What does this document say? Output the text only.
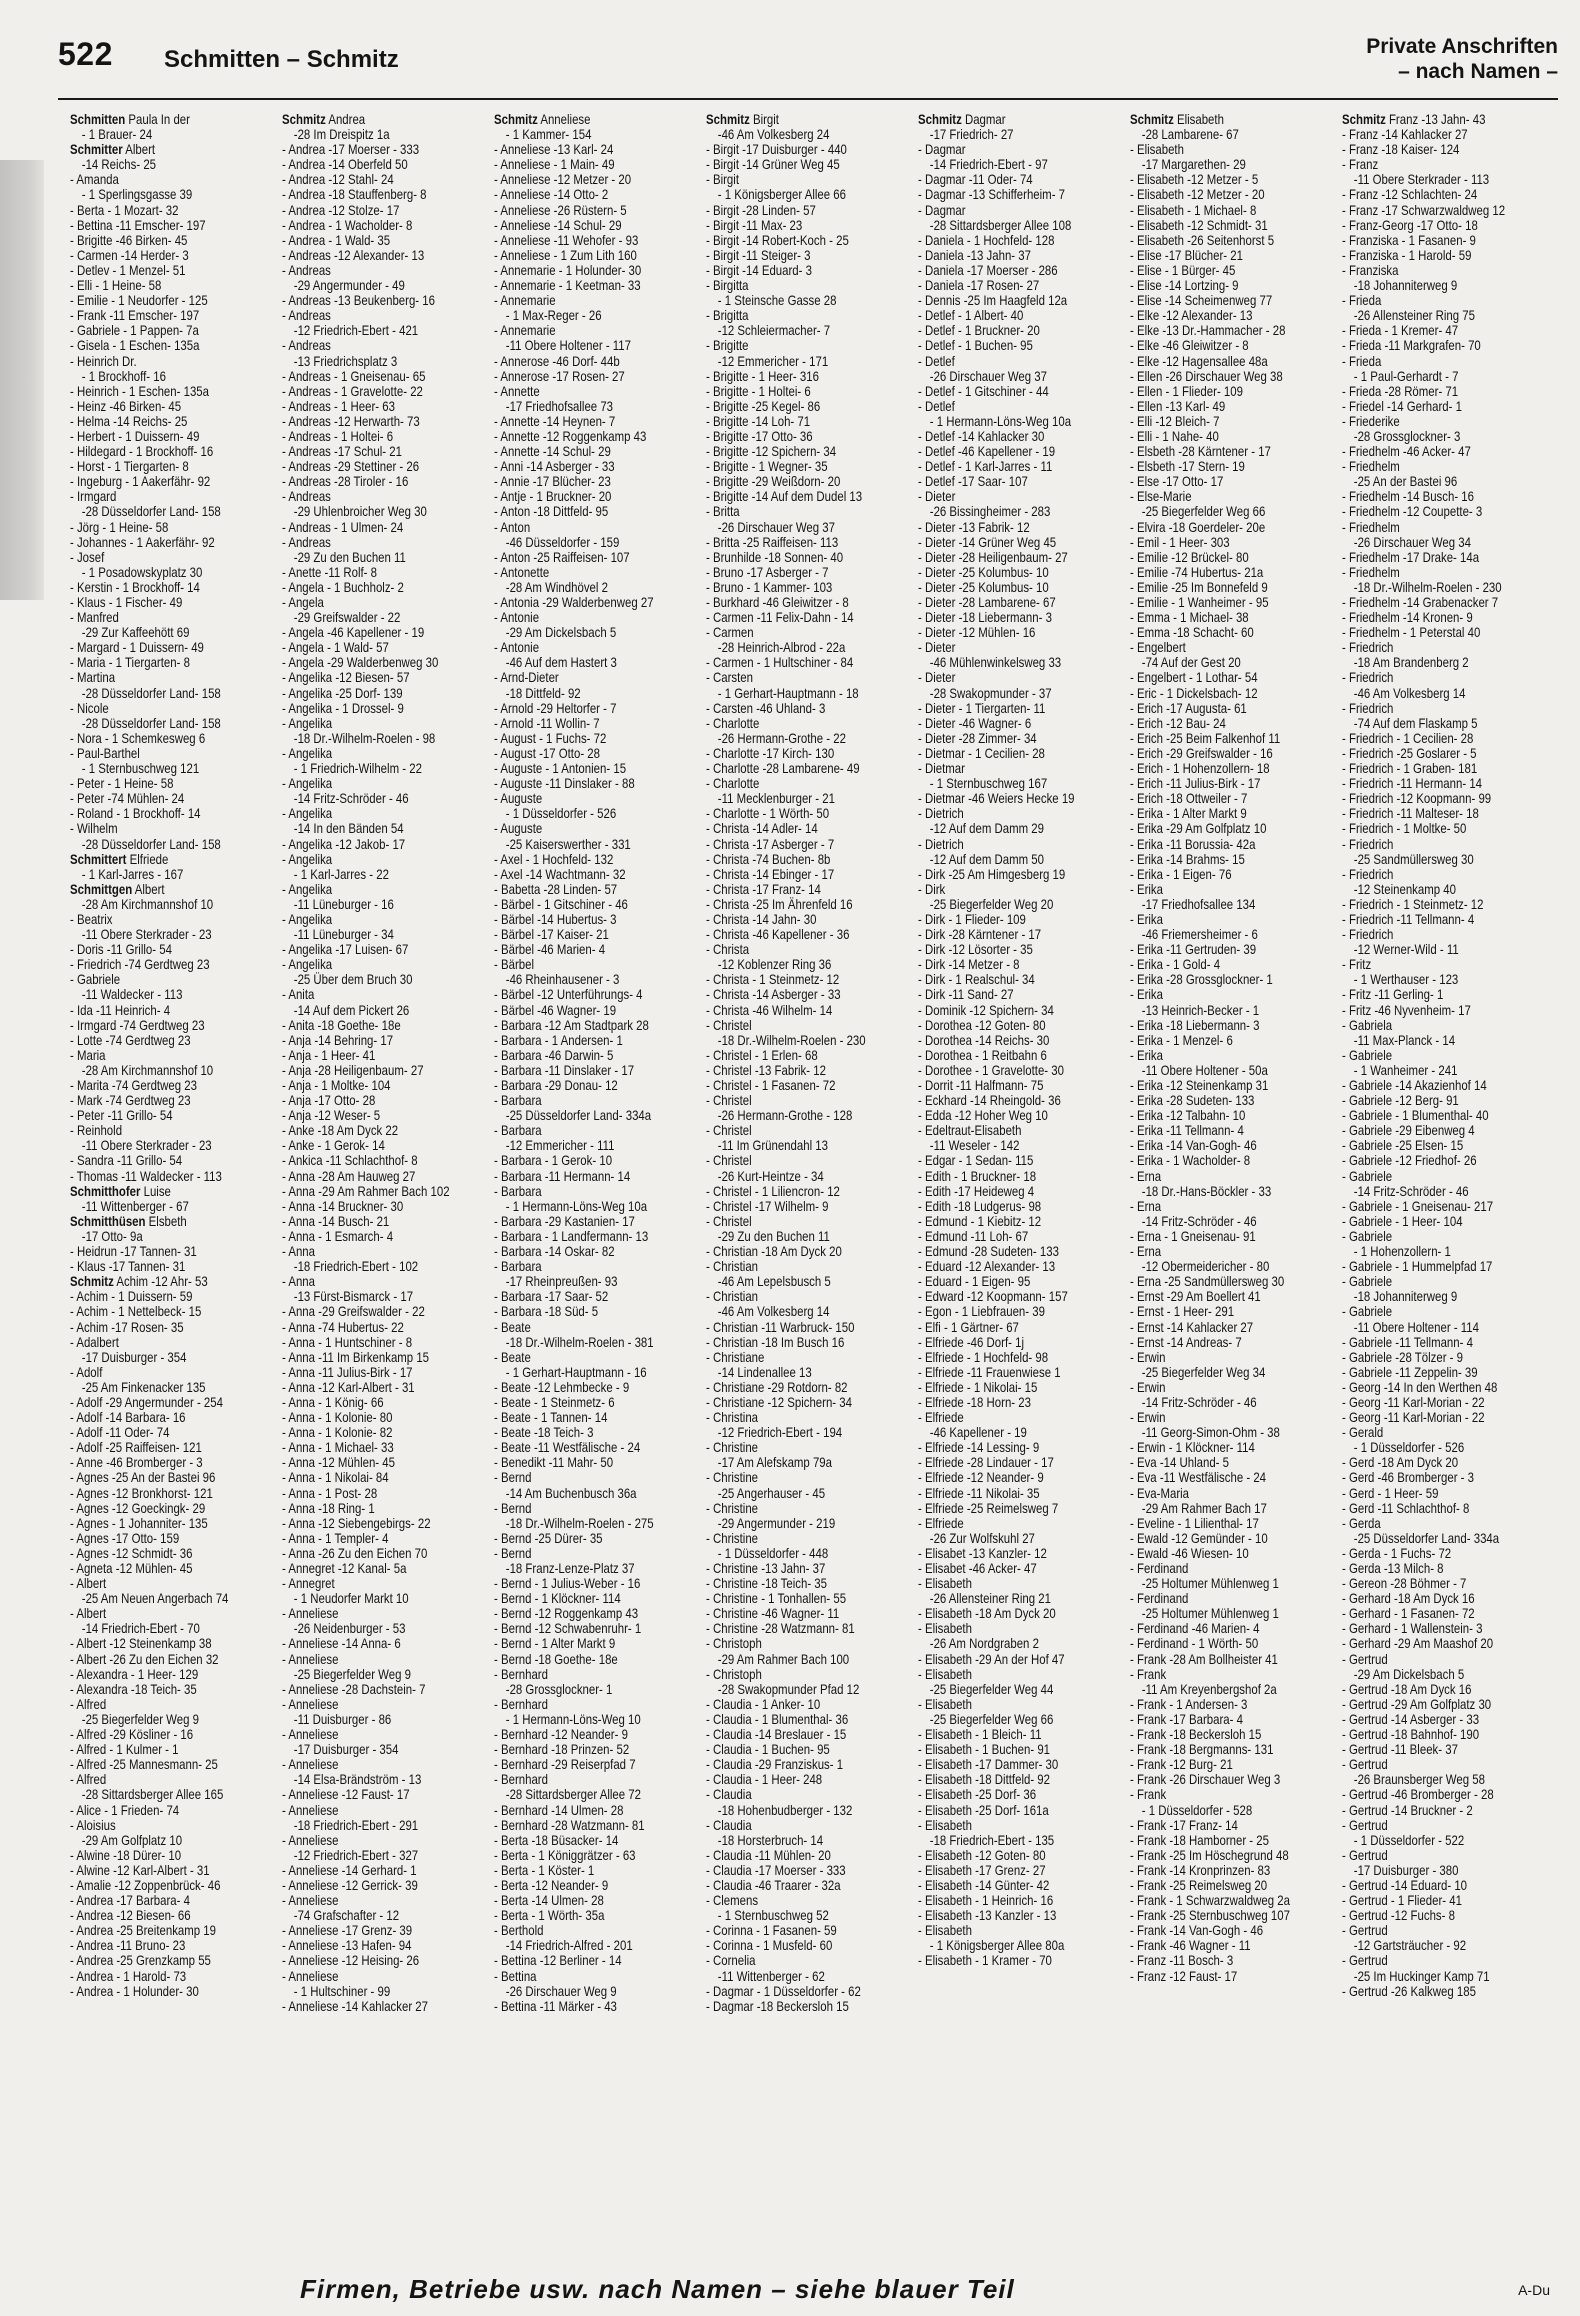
522 Schmitten – Schmitz	Private Anschriften
– nach Namen –
Schmitten Paula In der
- 1 Brauer- 24
Schmitter Albert
-14 Reichs- 25
- Amanda
- 1 Sperlingsgasse 39
- Berta - 1 Mozart- 32
- Bettina -11 Emscher- 197
- Brigitte -46 Birken- 45
- Carmen -14 Herder- 3
- Detlev - 1 Menzel- 51
- Elli - 1 Heine- 58
- Emilie - 1 Neudorfer - 125
- Frank -11 Emscher- 197
- Gabriele - 1 Pappen- 7a
- Gisela - 1 Eschen- 135a
- Heinrich Dr.
- 1 Brockhoff- 16
- Heinrich - 1 Eschen- 135a
- Heinz -46 Birken- 45
- Helma -14 Reichs- 25
- Herbert - 1 Duissern- 49
- Hildegard - 1 Brockhoff- 16
- Horst - 1 Tiergarten- 8
- Ingeburg - 1 Aakerfähr- 92
- Irmgard
-28 Düsseldorfer Land- 158
- Jörg - 1 Heine- 58
- Johannes - 1 Aakerfähr- 92
- Josef
- 1 Posadowskyplatz 30
- Kerstin - 1 Brockhoff- 14
- Klaus - 1 Fischer- 49
- Manfred
-29 Zur Kaffeehött 69
- Margard - 1 Duissern- 49
- Maria - 1 Tiergarten- 8
- Martina
-28 Düsseldorfer Land- 158
- Nicole
-28 Düsseldorfer Land- 158
- Nora - 1 Schemkesweg 6
- Paul-Barthel
- 1 Sternbuschweg 121
- Peter - 1 Heine- 58
- Peter -74 Mühlen- 24
- Roland - 1 Brockhoff- 14
- Wilhelm
-28 Düsseldorfer Land- 158
Schmittert Elfriede
- 1 Karl-Jarres - 167
Schmittgen Albert
-28 Am Kirchmannshof 10
- Beatrix
-11 Obere Sterkrader - 23
- Doris -11 Grillo- 54
- Friedrich -74 Gerdtweg 23
- Gabriele
-11 Waldecker - 113
- Ida -11 Heinrich- 4
- Irmgard -74 Gerdtweg 23
- Lotte -74 Gerdtweg 23
- Maria
-28 Am Kirchmannshof 10
- Marita -74 Gerdtweg 23
- Mark -74 Gerdtweg 23
- Peter -11 Grillo- 54
- Reinhold
-11 Obere Sterkrader - 23
- Sandra -11 Grillo- 54
- Thomas -11 Waldecker - 113
Schmitthofer Luise
-11 Wittenberger - 67
Schmitthüsen Elsbeth
-17 Otto- 9a
- Heidrun -17 Tannen- 31
- Klaus -17 Tannen- 31
Schmitz Achim -12 Ahr- 53
- Achim - 1 Duissern- 59
- Achim - 1 Nettelbeck- 15
- Achim -17 Rosen- 35
- Adalbert
-17 Duisburger - 354
- Adolf
-25 Am Finkenacker 135
- Adolf -29 Angermunder - 254
- Adolf -14 Barbara- 16
- Adolf -11 Oder- 74
- Adolf -25 Raiffeisen- 121
- Anne -46 Bromberger - 3
- Agnes -25 An der Bastei 96
- Agnes -12 Bronkhorst- 121
- Agnes -12 Goeckingk- 29
- Agnes - 1 Johanniter- 135
- Agnes -17 Otto- 159
- Agnes -12 Schmidt- 36
- Agneta -12 Mühlen- 45
- Albert
-25 Am Neuen Angerbach 74
- Albert
-14 Friedrich-Ebert - 70
- Albert -12 Steinenkamp 38
- Albert -26 Zu den Eichen 32
- Alexandra - 1 Heer- 129
- Alexandra -18 Teich- 35
- Alfred
-25 Biegerfelder Weg 9
- Alfred -29 Kösliner - 16
- Alfred - 1 Kulmer - 1
- Alfred -25 Mannesmann- 25
- Alfred
-28 Sittardsberger Allee 165
- Alice - 1 Frieden- 74
- Aloisius
-29 Am Golfplatz 10
- Alwine -18 Dürer- 10
- Alwine -12 Karl-Albert - 31
- Amalie -12 Zoppenbrück- 46
- Andrea -17 Barbara- 4
- Andrea -12 Biesen- 66
- Andrea -25 Breitenkamp 19
- Andrea -11 Bruno- 23
- Andrea -25 Grenzkamp 55
- Andrea - 1 Harold- 73
- Andrea - 1 Holunder- 30
Schmitz Andrea
-28 Im Dreispitz 1a
- Andrea -17 Moerser - 333
- Andrea -14 Oberfeld 50
- Andrea -12 Stahl- 24
- Andrea -18 Stauffenberg- 8
- Andrea -12 Stolze- 17
- Andrea - 1 Wacholder- 8
- Andrea - 1 Wald- 35
- Andreas -12 Alexander- 13
- Andreas
-29 Angermunder - 49
- Andreas -13 Beukenberg- 16
- Andreas
-12 Friedrich-Ebert - 421
- Andreas
-13 Friedrichsplatz 3
- Andreas - 1 Gneisenau- 65
- Andreas - 1 Gravelotte- 22
- Andreas - 1 Heer- 63
- Andreas -12 Herwarth- 73
- Andreas - 1 Holtei- 6
- Andreas -17 Schul- 21
- Andreas -29 Stettiner - 26
- Andreas -28 Tiroler - 16
- Andreas
-29 Uhlenbroicher Weg 30
- Andreas - 1 Ulmen- 24
- Andreas
-29 Zu den Buchen 11
- Anette -11 Rolf- 8
- Angela - 1 Buchholz- 2
- Angela
-29 Greifswalder - 22
- Angela -46 Kapellener - 19
- Angela - 1 Wald- 57
- Angela -29 Walderbenweg 30
- Angelika -12 Biesen- 57
- Angelika -25 Dorf- 139
- Angelika - 1 Drossel- 9
- Angelika
-18 Dr.-Wilhelm-Roelen - 98
- Angelika
- 1 Friedrich-Wilhelm - 22
- Angelika
-14 Fritz-Schröder - 46
- Angelika
-14 In den Bänden 54
- Angelika -12 Jakob- 17
- Angelika
- 1 Karl-Jarres - 22
- Angelika
-11 Lüneburger - 16
- Angelika
-11 Lüneburger - 34
- Angelika -17 Luisen- 67
- Angelika
-25 Über dem Bruch 30
- Anita
-14 Auf dem Pickert 26
- Anita -18 Goethe- 18e
- Anja -14 Behring- 17
- Anja - 1 Heer- 41
- Anja -28 Heiligenbaum- 27
- Anja - 1 Moltke- 104
- Anja -17 Otto- 28
- Anja -12 Weser- 5
- Anke -18 Am Dyck 22
- Anke - 1 Gerok- 14
- Ankica -11 Schlachthof- 8
- Anna -28 Am Hauweg 27
- Anna -29 Am Rahmer Bach 102
- Anna -14 Bruckner- 30
- Anna -14 Busch- 21
- Anna - 1 Esmarch- 4
- Anna
-18 Friedrich-Ebert - 102
- Anna
-13 Fürst-Bismarck - 17
- Anna -29 Greifswalder - 22
- Anna -74 Hubertus- 22
- Anna - 1 Huntschiner - 8
- Anna -11 Im Birkenkamp 15
- Anna -11 Julius-Birk - 17
- Anna -12 Karl-Albert - 31
- Anna - 1 König- 66
- Anna - 1 Kolonie- 80
- Anna - 1 Kolonie- 82
- Anna - 1 Michael- 33
- Anna -12 Mühlen- 45
- Anna - 1 Nikolai- 84
- Anna - 1 Post- 28
- Anna -18 Ring- 1
- Anna -12 Siebengebirgs- 22
- Anna - 1 Templer- 4
- Anna -26 Zu den Eichen 70
- Annegret -12 Kanal- 5a
- Annegret
- 1 Neudorfer Markt 10
- Anneliese
-26 Neidenburger - 53
- Anneliese -14 Anna- 6
- Anneliese
-25 Biegerfelder Weg 9
- Anneliese -28 Dachstein- 7
- Anneliese
-11 Duisburger - 86
- Anneliese
-17 Duisburger - 354
- Anneliese
-14 Elsa-Brändström - 13
- Anneliese -12 Faust- 17
- Anneliese
-18 Friedrich-Ebert - 291
- Anneliese
-12 Friedrich-Ebert - 327
- Anneliese -14 Gerhard- 1
- Anneliese -12 Gerrick- 39
- Anneliese
-74 Grafschafter - 12
- Anneliese -17 Grenz- 39
- Anneliese -13 Hafen- 94
- Anneliese -12 Heising- 26
- Anneliese
- 1 Hultschiner - 99
- Anneliese -14 Kahlacker 27
Schmitz Anneliese
- 1 Kammer- 154
- Anneliese -13 Karl- 24
- Anneliese - 1 Main- 49
- Anneliese -12 Metzer - 20
- Anneliese -14 Otto- 2
- Anneliese -26 Rüstern- 5
- Anneliese -14 Schul- 29
- Anneliese -11 Wehofer - 93
- Anneliese - 1 Zum Lith 160
- Annemarie - 1 Holunder- 30
- Annemarie - 1 Keetman- 33
- Annemarie
- 1 Max-Reger - 26
- Annemarie
-11 Obere Holtener - 117
- Annerose -46 Dorf- 44b
- Annerose -17 Rosen- 27
- Annette
-17 Friedhofsallee 73
- Annette -14 Heynen- 7
- Annette -12 Roggenkamp 43
- Annette -14 Schul- 29
- Anni -14 Asberger - 33
- Annie -17 Blücher- 23
- Antje - 1 Bruckner- 20
- Anton -18 Dittfeld- 95
- Anton
-46 Düsseldorfer - 159
- Anton -25 Raiffeisen- 107
- Antonette
-28 Am Windhövel 2
- Antonia -29 Walderbenweg 27
- Antonie
-29 Am Dickelsbach 5
- Antonie
-46 Auf dem Hastert 3
- Arnd-Dieter
-18 Dittfeld- 92
- Arnold -29 Heltorfer - 7
- Arnold -11 Wollin- 7
- August - 1 Fuchs- 72
- August -17 Otto- 28
- Auguste - 1 Antonien- 15
- Auguste -11 Dinslaker - 88
- Auguste
- 1 Düsseldorfer - 526
- Auguste
-25 Kaiserswerther - 331
- Axel - 1 Hochfeld- 132
- Axel -14 Wachtmann- 32
- Babetta -28 Linden- 57
- Bärbel - 1 Gitschiner - 46
- Bärbel -14 Hubertus- 3
- Bärbel -17 Kaiser- 21
- Bärbel -46 Marien- 4
- Bärbel
-46 Rheinhausener - 3
- Bärbel -12 Unterführungs- 4
- Bärbel -46 Wagner- 19
- Barbara -12 Am Stadtpark 28
- Barbara - 1 Andersen- 1
- Barbara -46 Darwin- 5
- Barbara -11 Dinslaker - 17
- Barbara -29 Donau- 12
- Barbara
-25 Düsseldorfer Land- 334a
- Barbara
-12 Emmericher - 111
- Barbara - 1 Gerok- 10
- Barbara -11 Hermann- 14
- Barbara
- 1 Hermann-Löns-Weg 10a
- Barbara -29 Kastanien- 17
- Barbara - 1 Landfermann- 13
- Barbara -14 Oskar- 82
- Barbara
-17 Rheinpreußen- 93
- Barbara -17 Saar- 52
- Barbara -18 Süd- 5
- Beate
-18 Dr.-Wilhelm-Roelen - 381
- Beate
- 1 Gerhart-Hauptmann - 16
- Beate -12 Lehmbecke - 9
- Beate - 1 Steinmetz- 6
- Beate - 1 Tannen- 14
- Beate -18 Teich- 3
- Beate -11 Westfälische - 24
- Benedikt -11 Mahr- 50
- Bernd
-14 Am Buchenbusch 36a
- Bernd
-18 Dr.-Wilhelm-Roelen - 275
- Bernd -25 Dürer- 35
- Bernd
-18 Franz-Lenze-Platz 37
- Bernd - 1 Julius-Weber - 16
- Bernd - 1 Klöckner- 114
- Bernd -12 Roggenkamp 43
- Bernd -12 Schwabenruhr- 1
- Bernd - 1 Alter Markt 9
- Bernd -18 Goethe- 18e
- Bernhard
-28 Grossglockner- 1
- Bernhard
- 1 Hermann-Löns-Weg 10
- Bernhard -12 Neander- 9
- Bernhard -18 Prinzen- 52
- Bernhard -29 Reiserpfad 7
- Bernhard
-28 Sittardsberger Allee 72
- Bernhard -14 Ulmen- 28
- Bernhard -28 Watzmann- 81
- Berta -18 Büsacker- 14
- Berta - 1 Königgrätzer - 63
- Berta - 1 Köster- 1
- Berta -12 Neander- 9
- Berta -14 Ulmen- 28
- Berta - 1 Wörth- 35a
- Berthold
-14 Friedrich-Alfred - 201
- Bettina -12 Berliner - 14
- Bettina
-26 Dirschauer Weg 9
- Bettina -11 Märker - 43
Schmitz Birgit
-46 Am Volkesberg 24
- Birgit -17 Duisburger - 440
- Birgit -14 Grüner Weg 45
- Birgit
- 1 Königsberger Allee 66
- Birgit -28 Linden- 57
- Birgit -11 Max- 23
- Birgit -14 Robert-Koch - 25
- Birgit -11 Steiger- 3
- Birgit -14 Eduard- 3
- Birgitta
- 1 Steinsche Gasse 28
- Brigitta
-12 Schleiermacher- 7
- Brigitte
-12 Emmericher - 171
- Brigitte - 1 Heer- 316
- Brigitte - 1 Holtei- 6
- Brigitte -25 Kegel- 86
- Brigitte -14 Loh- 71
- Brigitte -17 Otto- 36
- Brigitte -12 Spichern- 34
- Brigitte - 1 Wegner- 35
- Brigitte -29 Weißdorn- 20
- Brigitte -14 Auf dem Dudel 13
- Britta
-26 Dirschauer Weg 37
- Britta -25 Raiffeisen- 113
- Brunhilde -18 Sonnen- 40
- Bruno -17 Asberger - 7
- Bruno - 1 Kammer- 103
- Burkhard -46 Gleiwitzer - 8
- Carmen -11 Felix-Dahn - 14
- Carmen
-28 Heinrich-Albrod - 22a
- Carmen - 1 Hultschiner - 84
- Carsten
- 1 Gerhart-Hauptmann - 18
- Carsten -46 Uhland- 3
- Charlotte
-26 Hermann-Grothe - 22
- Charlotte -17 Kirch- 130
- Charlotte -28 Lambarene- 49
- Charlotte
-11 Mecklenburger - 21
- Charlotte - 1 Wörth- 50
- Christa -14 Adler- 14
- Christa -17 Asberger - 7
- Christa -74 Buchen- 8b
- Christa -14 Ebinger - 17
- Christa -17 Franz- 14
- Christa -25 Im Ährenfeld 16
- Christa -14 Jahn- 30
- Christa -46 Kapellener - 36
- Christa
-12 Koblenzer Ring 36
- Christa - 1 Steinmetz- 12
- Christa -14 Asberger - 33
- Christa -46 Wilhelm- 14
- Christel
-18 Dr.-Wilhelm-Roelen - 230
- Christel - 1 Erlen- 68
- Christel -13 Fabrik- 12
- Christel - 1 Fasanen- 72
- Christel
-26 Hermann-Grothe - 128
- Christel
-11 Im Grünendahl 13
- Christel
-26 Kurt-Heintze - 34
- Christel - 1 Liliencron- 12
- Christel -17 Wilhelm- 9
- Christel
-29 Zu den Buchen 11
- Christian -18 Am Dyck 20
- Christian
-46 Am Lepelsbusch 5
- Christian
-46 Am Volkesberg 14
- Christian -11 Warbruck- 150
- Christian -18 Im Busch 16
- Christiane
-14 Lindenallee 13
- Christiane -29 Rotdorn- 82
- Christiane -12 Spichern- 34
- Christina
-12 Friedrich-Ebert - 194
- Christine
-17 Am Alefskamp 79a
- Christine
-25 Angerhauser - 45
- Christine
-29 Angermunder - 219
- Christine
- 1 Düsseldorfer - 448
- Christine -13 Jahn- 37
- Christine -18 Teich- 35
- Christine - 1 Tonhallen- 55
- Christine -46 Wagner- 11
- Christine -28 Watzmann- 81
- Christoph
-29 Am Rahmer Bach 100
- Christoph
-28 Swakopmunder Pfad 12
- Claudia - 1 Anker- 10
- Claudia - 1 Blumenthal- 36
- Claudia -14 Breslauer - 15
- Claudia - 1 Buchen- 95
- Claudia -29 Franziskus- 1
- Claudia - 1 Heer- 248
- Claudia
-18 Hohenbudberger - 132
- Claudia
-18 Horsterbruch- 14
- Claudia -11 Mühlen- 20
- Claudia -17 Moerser - 333
- Claudia -46 Traarer - 32a
- Clemens
- 1 Sternbuschweg 52
- Corinna - 1 Fasanen- 59
- Corinna - 1 Musfeld- 60
- Cornelia
-11 Wittenberger - 62
- Dagmar - 1 Düsseldorfer - 62
- Dagmar -18 Beckersloh 15
Schmitz Dagmar
-17 Friedrich- 27
- Dagmar
-14 Friedrich-Ebert - 97
- Dagmar -11 Oder- 74
- Dagmar -13 Schifferheim- 7
- Dagmar
-28 Sittardsberger Allee 108
- Daniela - 1 Hochfeld- 128
- Daniela -13 Jahn- 37
- Daniela -17 Moerser - 286
- Daniela -17 Rosen- 27
- Dennis -25 Im Haagfeld 12a
- Detlef - 1 Albert- 40
- Detlef - 1 Bruckner- 20
- Detlef - 1 Buchen- 95
- Detlef
-26 Dirschauer Weg 37
- Detlef - 1 Gitschiner - 44
- Detlef
- 1 Hermann-Löns-Weg 10a
- Detlef -14 Kahlacker 30
- Detlef -46 Kapellener - 19
- Detlef - 1 Karl-Jarres - 11
- Detlef -17 Saar- 107
- Dieter
-26 Bissingheimer - 283
- Dieter -13 Fabrik- 12
- Dieter -14 Grüner Weg 45
- Dieter -28 Heiligenbaum- 27
- Dieter -25 Kolumbus- 10
- Dieter -25 Kolumbus- 10
- Dieter -28 Lambarene- 67
- Dieter -18 Liebermann- 3
- Dieter -12 Mühlen- 16
- Dieter
-46 Mühlenwinkelsweg 33
- Dieter
-28 Swakopmunder - 37
- Dieter - 1 Tiergarten- 11
- Dieter -46 Wagner- 6
- Dieter -28 Zimmer- 34
- Dietmar - 1 Cecilien- 28
- Dietmar
- 1 Sternbuschweg 167
- Dietmar -46 Weiers Hecke 19
- Dietrich
-12 Auf dem Damm 29
- Dietrich
-12 Auf dem Damm 50
- Dirk -25 Am Himgesberg 19
- Dirk
-25 Biegerfelder Weg 20
- Dirk - 1 Flieder- 109
- Dirk -28 Kärntener - 17
- Dirk -12 Lösorter - 35
- Dirk -14 Metzer - 8
- Dirk - 1 Realschul- 34
- Dirk -11 Sand- 27
- Dominik -12 Spichern- 34
- Dorothea -12 Goten- 80
- Dorothea -14 Reichs- 30
- Dorothea - 1 Reitbahn 6
- Dorothee - 1 Gravelotte- 30
- Dorrit -11 Halfmann- 75
- Eckhard -14 Rheingold- 36
- Edda -12 Hoher Weg 10
- Edeltraut-Elisabeth
-11 Weseler - 142
- Edgar - 1 Sedan- 115
- Edith - 1 Bruckner- 18
- Edith -17 Heideweg 4
- Edith -18 Ludgerus- 98
- Edmund - 1 Kiebitz- 12
- Edmund -11 Loh- 67
- Edmund -28 Sudeten- 133
- Eduard -12 Alexander- 13
- Eduard - 1 Eigen- 95
- Edward -12 Koopmann- 157
- Egon - 1 Liebfrauen- 39
- Elfi - 1 Gärtner- 67
- Elfriede -46 Dorf- 1j
- Elfriede - 1 Hochfeld- 98
- Elfriede -11 Frauenwiese 1
- Elfriede - 1 Nikolai- 15
- Elfriede -18 Horn- 23
- Elfriede
-46 Kapellener - 19
- Elfriede -14 Lessing- 9
- Elfriede -28 Lindauer - 17
- Elfriede -12 Neander- 9
- Elfriede -11 Nikolai- 35
- Elfriede -25 Reimelsweg 7
- Elfriede
-26 Zur Wolfskuhl 27
- Elisabet -13 Kanzler- 12
- Elisabet -46 Acker- 47
- Elisabeth
-26 Allensteiner Ring 21
- Elisabeth -18 Am Dyck 20
- Elisabeth
-26 Am Nordgraben 2
- Elisabeth -29 An der Hof 47
- Elisabeth
-25 Biegerfelder Weg 44
- Elisabeth
-25 Biegerfelder Weg 66
- Elisabeth - 1 Bleich- 11
- Elisabeth - 1 Buchen- 91
- Elisabeth -17 Dammer- 30
- Elisabeth -18 Dittfeld- 92
- Elisabeth -25 Dorf- 36
- Elisabeth -25 Dorf- 161a
- Elisabeth
-18 Friedrich-Ebert - 135
- Elisabeth -12 Goten- 80
- Elisabeth -17 Grenz- 27
- Elisabeth -14 Günter- 42
- Elisabeth - 1 Heinrich- 16
- Elisabeth -13 Kanzler - 13
- Elisabeth
- 1 Königsberger Allee 80a
- Elisabeth - 1 Kramer - 70
Schmitz Elisabeth
-28 Lambarene- 67
- Elisabeth
-17 Margarethen- 29
- Elisabeth -12 Metzer - 5
- Elisabeth -12 Metzer - 20
- Elisabeth - 1 Michael- 8
- Elisabeth -12 Schmidt- 31
- Elisabeth -26 Seitenhorst 5
- Elise -17 Blücher- 21
- Elise - 1 Bürger- 45
- Elise -14 Lortzing- 9
- Elise -14 Scheimenweg 77
- Elke -12 Alexander- 13
- Elke -13 Dr.-Hammacher - 28
- Elke -46 Gleiwitzer - 8
- Elke -12 Hagensallee 48a
- Ellen -26 Dirschauer Weg 38
- Ellen - 1 Flieder- 109
- Ellen -13 Karl- 49
- Elli -12 Bleich- 7
- Elli - 1 Nahe- 40
- Elsbeth -28 Kärntener - 17
- Elsbeth -17 Stern- 19
- Else -17 Otto- 17
- Else-Marie
-25 Biegerfelder Weg 66
- Elvira -18 Goerdeler- 20e
- Emil - 1 Heer- 303
- Emilie -12 Brückel- 80
- Emilie -74 Hubertus- 21a
- Emilie -25 Im Bonnefeld 9
- Emilie - 1 Wanheimer - 95
- Emma - 1 Michael- 38
- Emma -18 Schacht- 60
- Engelbert
-74 Auf der Gest 20
- Engelbert - 1 Lothar- 54
- Eric - 1 Dickelsbach- 12
- Erich -17 Augusta- 61
- Erich -12 Bau- 24
- Erich -25 Beim Falkenhof 11
- Erich -29 Greifswalder - 16
- Erich - 1 Hohenzollern- 18
- Erich -11 Julius-Birk - 17
- Erich -18 Ottweiler - 7
- Erika - 1 Alter Markt 9
- Erika -29 Am Golfplatz 10
- Erika -11 Borussia- 42a
- Erika -14 Brahms- 15
- Erika - 1 Eigen- 76
- Erika
-17 Friedhofsallee 134
- Erika
-46 Friemersheimer - 6
- Erika -11 Gertruden- 39
- Erika - 1 Gold- 4
- Erika -28 Grossglockner- 1
- Erika
-13 Heinrich-Becker - 1
- Erika -18 Liebermann- 3
- Erika - 1 Menzel- 6
- Erika
-11 Obere Holtener - 50a
- Erika -12 Steinenkamp 31
- Erika -28 Sudeten- 133
- Erika -12 Talbahn- 10
- Erika -11 Tellmann- 4
- Erika -14 Van-Gogh- 46
- Erika - 1 Wacholder- 8
- Erna
-18 Dr.-Hans-Böckler - 33
- Erna
-14 Fritz-Schröder - 46
- Erna - 1 Gneisenau- 91
- Erna
-12 Obermeidericher - 80
- Erna -25 Sandmüllersweg 30
- Ernst -29 Am Boellert 41
- Ernst - 1 Heer- 291
- Ernst -14 Kahlacker 27
- Ernst -14 Andreas- 7
- Erwin
-25 Biegerfelder Weg 34
- Erwin
-14 Fritz-Schröder - 46
- Erwin
-11 Georg-Simon-Ohm - 38
- Erwin - 1 Klöckner- 114
- Eva -14 Uhland- 5
- Eva -11 Westfälische - 24
- Eva-Maria
-29 Am Rahmer Bach 17
- Eveline - 1 Lilienthal- 17
- Ewald -12 Gemünder - 10
- Ewald -46 Wiesen- 10
- Ferdinand
-25 Holtumer Mühlenweg 1
- Ferdinand
-25 Holtumer Mühlenweg 1
- Ferdinand -46 Marien- 4
- Ferdinand - 1 Wörth- 50
- Frank -28 Am Bollheister 41
- Frank
-11 Am Kreyenbergshof 2a
- Frank - 1 Andersen- 3
- Frank -17 Barbara- 4
- Frank -18 Beckersloh 15
- Frank -18 Bergmanns- 131
- Frank -12 Burg- 21
- Frank -26 Dirschauer Weg 3
- Frank
- 1 Düsseldorfer - 528
- Frank -17 Franz- 14
- Frank -18 Hamborner - 25
- Frank -25 Im Höschegrund 48
- Frank -14 Kronprinzen- 83
- Frank -25 Reimelsweg 20
- Frank - 1 Schwarzwaldweg 2a
- Frank -25 Sternbuschweg 107
- Frank -14 Van-Gogh - 46
- Frank -46 Wagner - 11
- Franz -11 Bosch- 3
- Franz -12 Faust- 17
Schmitz Franz -13 Jahn- 43
- Franz -14 Kahlacker 27
- Franz -18 Kaiser- 124
- Franz
-11 Obere Sterkrader - 113
- Franz -12 Schlachten- 24
- Franz -17 Schwarzwaldweg 12
- Franz-Georg -17 Otto- 18
- Franziska - 1 Fasanen- 9
- Franziska - 1 Harold- 59
- Franziska
-18 Johanniterweg 9
- Frieda
-26 Allensteiner Ring 75
- Frieda - 1 Kremer- 47
- Frieda -11 Markgrafen- 70
- Frieda
- 1 Paul-Gerhardt - 7
- Frieda -28 Römer- 71
- Friedel -14 Gerhard- 1
- Friederike
-28 Grossglockner- 3
- Friedhelm -46 Acker- 47
- Friedhelm
-25 An der Bastei 96
- Friedhelm -14 Busch- 16
- Friedhelm -12 Coupette- 3
- Friedhelm
-26 Dirschauer Weg 34
- Friedhelm -17 Drake- 14a
- Friedhelm
-18 Dr.-Wilhelm-Roelen - 230
- Friedhelm -14 Grabenacker 7
- Friedhelm -14 Kronen- 9
- Friedhelm - 1 Peterstal 40
- Friedrich
-18 Am Brandenberg 2
- Friedrich
-46 Am Volkesberg 14
- Friedrich
-74 Auf dem Flaskamp 5
- Friedrich - 1 Cecilien- 28
- Friedrich -25 Goslarer - 5
- Friedrich - 1 Graben- 181
- Friedrich -11 Hermann- 14
- Friedrich -12 Koopmann- 99
- Friedrich -11 Malteser- 18
- Friedrich - 1 Moltke- 50
- Friedrich
-25 Sandmüllersweg 30
- Friedrich
-12 Steinenkamp 40
- Friedrich - 1 Steinmetz- 12
- Friedrich -11 Tellmann- 4
- Friedrich
-12 Werner-Wild - 11
- Fritz
- 1 Werthauser - 123
- Fritz -11 Gerling- 1
- Fritz -46 Nyvenheim- 17
- Gabriela
-11 Max-Planck - 14
- Gabriele
- 1 Wanheimer - 241
- Gabriele -14 Akazienhof 14
- Gabriele -12 Berg- 91
- Gabriele - 1 Blumenthal- 40
- Gabriele -29 Eibenweg 4
- Gabriele -25 Elsen- 15
- Gabriele -12 Friedhof- 26
- Gabriele
-14 Fritz-Schröder - 46
- Gabriele - 1 Gneisenau- 217
- Gabriele - 1 Heer- 104
- Gabriele
- 1 Hohenzollern- 1
- Gabriele - 1 Hummelpfad 17
- Gabriele
-18 Johanniterweg 9
- Gabriele
-11 Obere Holtener - 114
- Gabriele -11 Tellmann- 4
- Gabriele -28 Tölzer - 9
- Gabriele -11 Zeppelin- 39
- Georg -14 In den Werthen 48
- Georg -11 Karl-Morian - 22
- Georg -11 Karl-Morian - 22
- Gerald
- 1 Düsseldorfer - 526
- Gerd -18 Am Dyck 20
- Gerd -46 Bromberger - 3
- Gerd - 1 Heer- 59
- Gerd -11 Schlachthof- 8
- Gerda
-25 Düsseldorfer Land- 334a
- Gerda - 1 Fuchs- 72
- Gerda -13 Milch- 8
- Gereon -28 Böhmer - 7
- Gerhard -18 Am Dyck 16
- Gerhard - 1 Fasanen- 72
- Gerhard - 1 Wallenstein- 3
- Gerhard -29 Am Maashof 20
- Gertrud
-29 Am Dickelsbach 5
- Gertrud -18 Am Dyck 16
- Gertrud -29 Am Golfplatz 30
- Gertrud -14 Asberger - 33
- Gertrud -18 Bahnhof- 190
- Gertrud -11 Bleek- 37
- Gertrud
-26 Braunsberger Weg 58
- Gertrud -46 Bromberger - 28
- Gertrud -14 Bruckner - 2
- Gertrud
- 1 Düsseldorfer - 522
- Gertrud
-17 Duisburger - 380
- Gertrud -14 Eduard- 10
- Gertrud - 1 Flieder- 41
- Gertrud -12 Fuchs- 8
- Gertrud
-12 Gartsträucher - 92
- Gertrud
-25 Im Huckinger Kamp 71
- Gertrud -26 Kalkweg 185
Firmen, Betriebe usw. nach Namen – siehe blauer Teil	A-Du
